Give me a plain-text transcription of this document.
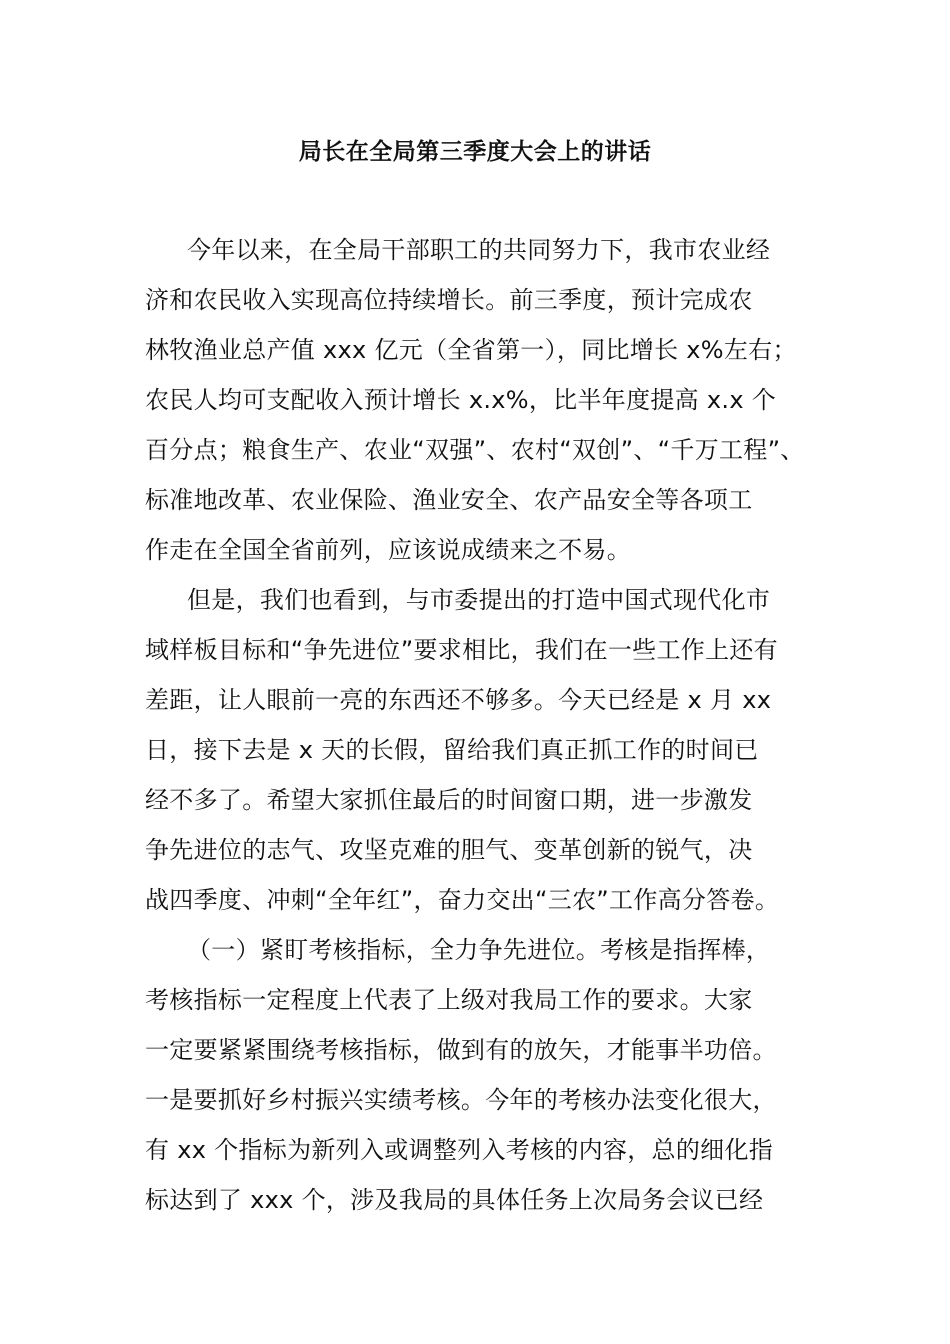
局长在全局第三季度大会上的讲话
今年以来，在全局干部职工的共同努力下，我市农业经
济和农民收入实现高位持续增长。前三季度，预计完成农
林牧渔业总产值 xxx 亿元（全省第一），同比增长 x%左右；
农民人均可支配收入预计增长 x.x%，比半年度提高 x.x 个
百分点；粮食生产、农业“双强”、农村“双创”、“千万工程”、
标准地改革、农业保险、渔业安全、农产品安全等各项工
作走在全国全省前列，应该说成绩来之不易。
但是，我们也看到，与市委提出的打造中国式现代化市
域样板目标和“争先进位”要求相比，我们在一些工作上还有
差距，让人眼前一亮的东西还不够多。今天已经是 x 月 xx
日，接下去是 x 天的长假，留给我们真正抓工作的时间已
经不多了。希望大家抓住最后的时间窗口期，进一步激发
争先进位的志气、攻坚克难的胆气、变革创新的锐气，决
战四季度、冲刺“全年红”，奋力交出“三农”工作高分答卷。
（一）紧盯考核指标，全力争先进位。考核是指挥棒，
考核指标一定程度上代表了上级对我局工作的要求。大家
一定要紧紧围绕考核指标，做到有的放矢，才能事半功倍。
一是要抓好乡村振兴实绩考核。今年的考核办法变化很大，
有 xx 个指标为新列入或调整列入考核的内容，总的细化指
标达到了 xxx 个，涉及我局的具体任务上次局务会议已经
